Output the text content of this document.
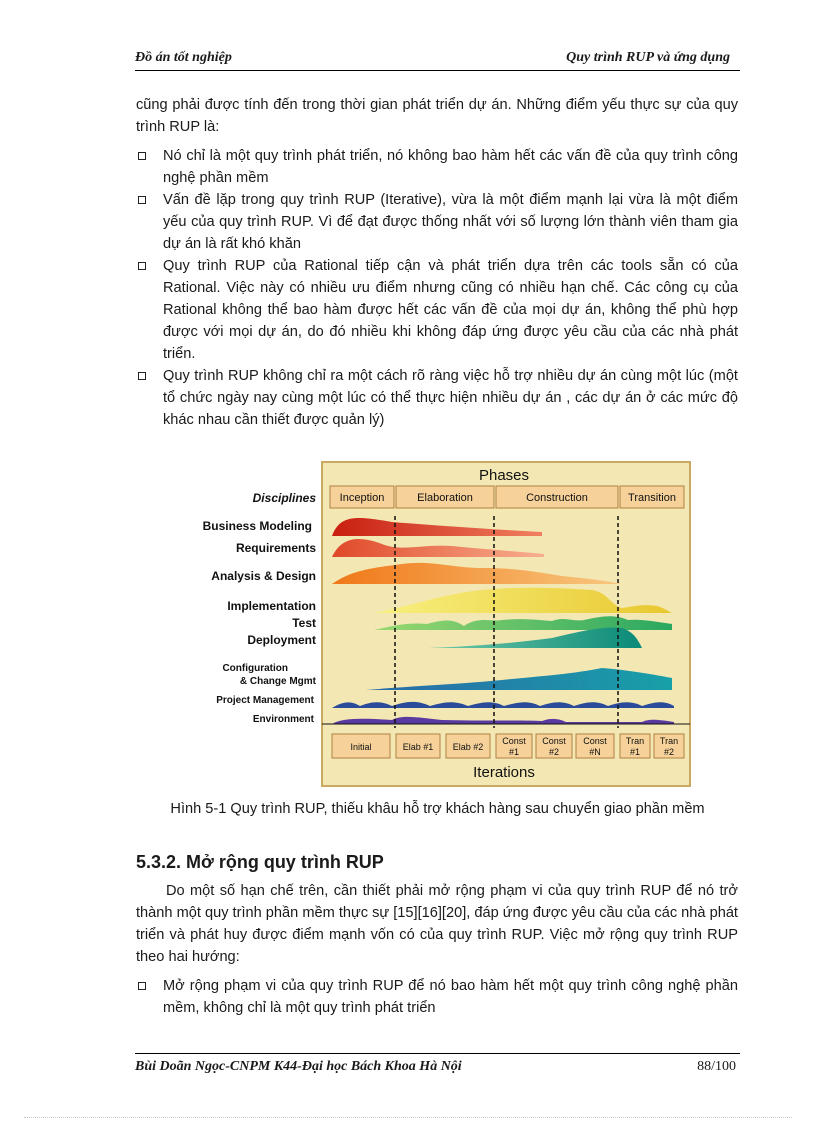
Đồ án tốt nghiệp	Quy trình RUP và ứng dụng

cũng phải được tính đến trong thời gian phát triển dự án. Những điểm yếu thực sự của quy trình RUP là:

Nó chỉ là một quy trình phát triển, nó không bao hàm hết các vấn đề của quy trình công nghệ phần mềm
Vấn đề lặp trong quy trình RUP (Iterative), vừa là một điểm mạnh lại vừa là một điểm yếu của quy trình RUP. Vì để đạt được thống nhất với số lượng lớn thành viên tham gia dự án là rất khó khăn
Quy trình RUP của Rational tiếp cận và phát triển dựa trên các tools sẵn có của Rational. Việc này có nhiều ưu điểm nhưng cũng có nhiều hạn chế. Các công cụ của Rational không thể bao hàm được hết các vấn đề của mọi dự án, không thể phù hợp được với mọi dự án, do đó nhiều khi không đáp ứng được yêu cầu của các nhà phát triển.
Quy trình RUP không chỉ ra một cách rõ ràng việc hỗ trợ nhiều dự án cùng một lúc (một tổ chức ngày nay cùng một lúc có thể thực hiện nhiều dự án , các dự án ở các mức độ khác nhau cần thiết được quản lý)
Phases
Iterations
Disciplines Inception	Elaboration	Construction	Transition
Business Modeling
Requirements
Analysis & Design
Implementation
Test
Deployment
Configuration
& Change Mgmt
Project Management
Environment
Initial	Elab #1 Elab #2
Const
#1
Const
#2
Const
#N
Tran
#1
Tran
#2
Hình 5-1 Quy trình RUP, thiếu khâu hỗ trợ khách hàng sau chuyển giao phần mềm
5.3.2. Mở rộng quy trình RUP

Do một số hạn chế trên, cần thiết phải mở rộng phạm vi của quy trình RUP để nó trở thành một quy trình phần mềm thực sự [15][16][20], đáp ứng được yêu cầu của các nhà phát triển và phát huy được điểm mạnh vốn có của quy trình RUP. Việc mở rộng quy trình RUP theo hai hướng:

Mở rộng phạm vi của quy trình RUP để nó bao hàm hết một quy trình công nghệ phần mềm, không chỉ là một quy trình phát triển
Bùi Doãn Ngọc-CNPM K44-Đại học Bách Khoa Hà Nội	88/100
